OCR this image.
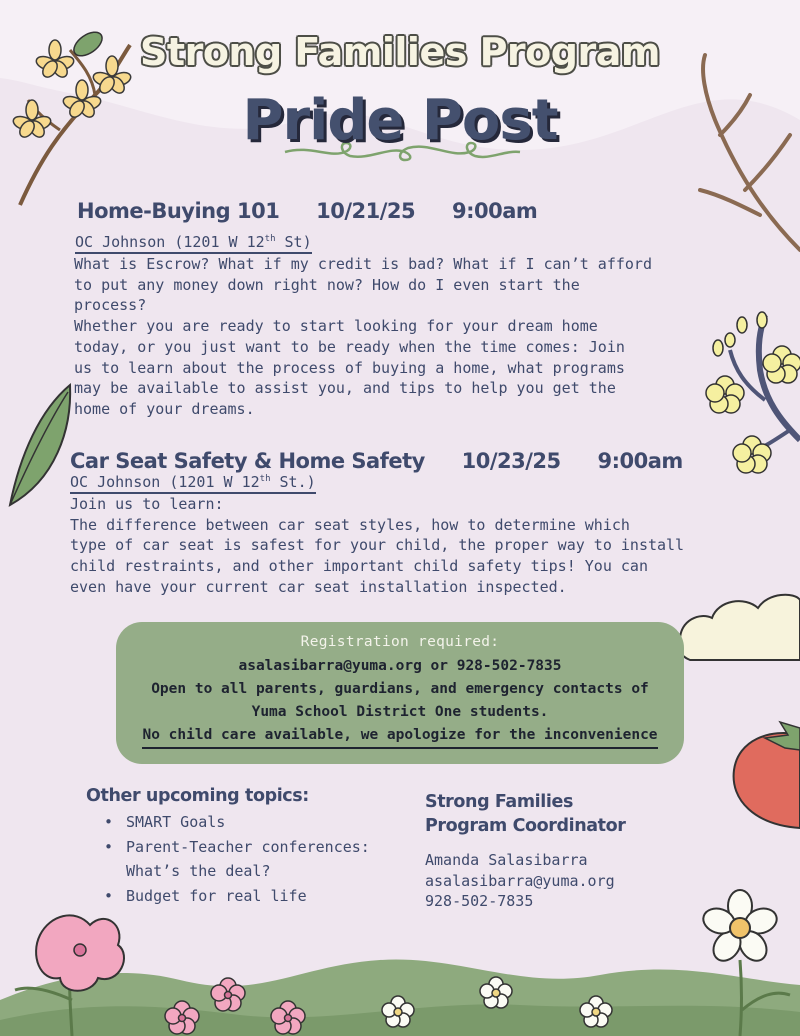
Strong Families Program
Pride Post
Home-Buying 101 10/21/25 9:00am
OC Johnson (1201 W 12th St)
What is Escrow? What if my credit is bad? What if I can’t afford
to put any money down right now? How do I even start the
process?
Whether you are ready to start looking for your dream home
today, or you just want to be ready when the time comes: Join
us to learn about the process of buying a home, what programs
may be available to assist you, and tips to help you get the
home of your dreams.
Car Seat Safety & Home Safety 10/23/25 9:00am
OC Johnson (1201 W 12th St.)
Join us to learn:
The difference between car seat styles, how to determine which
type of car seat is safest for your child, the proper way to install
child restraints, and other important child safety tips! You can
even have your current car seat installation inspected.
Registration required:
asalasibarra@yuma.org or 928-502-7835
Open to all parents, guardians, and emergency contacts of
Yuma School District One students.
No child care available, we apologize for the inconvenience
Other upcoming topics:
• SMART Goals
• Parent-Teacher conferences: What’s the deal?
• Budget for real life
Strong Families
Program Coordinator
Amanda Salasibarra
asalasibarra@yuma.org
928-502-7835
